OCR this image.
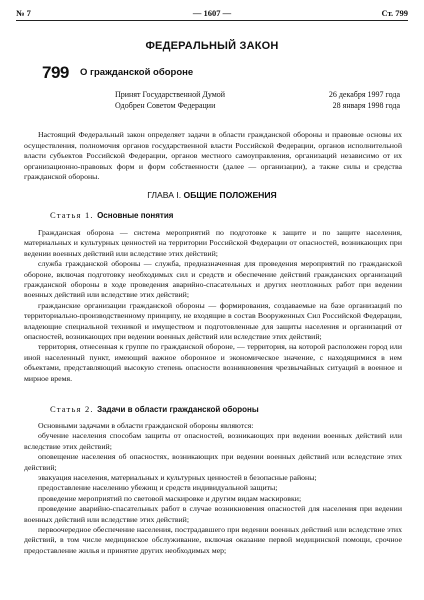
№ 7	— 1607 —	Ст. 799
ФЕДЕРАЛЬНЫЙ ЗАКОН
799 О гражданской обороне
Принят Государственной Думой	26 декабря 1997 года
Одобрен Советом Федерации	28 января 1998 года
Настоящий Федеральный закон определяет задачи в области гражданской обороны и правовые основы их осуществления, полномочия органов государственной власти Российской Федерации, органов исполнительной власти субъектов Российской Федерации, органов местного самоуправления, организаций независимо от их организационно-правовых форм и форм собственности (далее — организации), а также силы и средства гражданской обороны.
ГЛАВА I. ОБЩИЕ ПОЛОЖЕНИЯ
Статья 1. Основные понятия

Гражданская оборона — система мероприятий по подготовке к защите и по защите населения, материальных и культурных ценностей на территории Российской Федерации от опасностей, возникающих при ведении военных действий или вследствие этих действий;

служба гражданской обороны — служба, предназначенная для проведения мероприятий по гражданской обороне, включая подготовку необходимых сил и средств и обеспечение действий гражданских организаций гражданской обороны в ходе проведения аварийно-спасательных и других неотложных работ при ведении военных действий или вследствие этих действий;

гражданские организации гражданской обороны — формирования, создаваемые на базе организаций по территориально-производственному принципу, не входящие в состав Вооруженных Сил Российской Федерации, владеющие специальной техникой и имуществом и подготовленные для защиты населения и организаций от опасностей, возникающих при ведении военных действий или вследствие этих действий;

территория, отнесенная к группе по гражданской обороне, — территория, на которой расположен город или иной населенный пункт, имеющий важное оборонное и экономическое значение, с находящимися в нем объектами, представляющий высокую степень опасности возникновения чрезвычайных ситуаций в военное и мирное время.

Статья 2. Задачи в области гражданской обороны

Основными задачами в области гражданской обороны являются:

обучение населения способам защиты от опасностей, возникающих при ведении военных действий или вследствие этих действий;

оповещение населения об опасностях, возникающих при ведении военных действий или вследствие этих действий;

эвакуация населения, материальных и культурных ценностей в безопасные районы;

предоставление населению убежищ и средств индивидуальной защиты;

проведение мероприятий по световой маскировке и другим видам маскировки;

проведение аварийно-спасательных работ в случае возникновения опасностей для населения при ведении военных действий или вследствие этих действий;

первоочередное обеспечение населения, пострадавшего при ведении военных действий или вследствие этих действий, в том числе медицинское обслуживание, включая оказание первой медицинской помощи, срочное предоставление жилья и принятие других необходимых мер;
